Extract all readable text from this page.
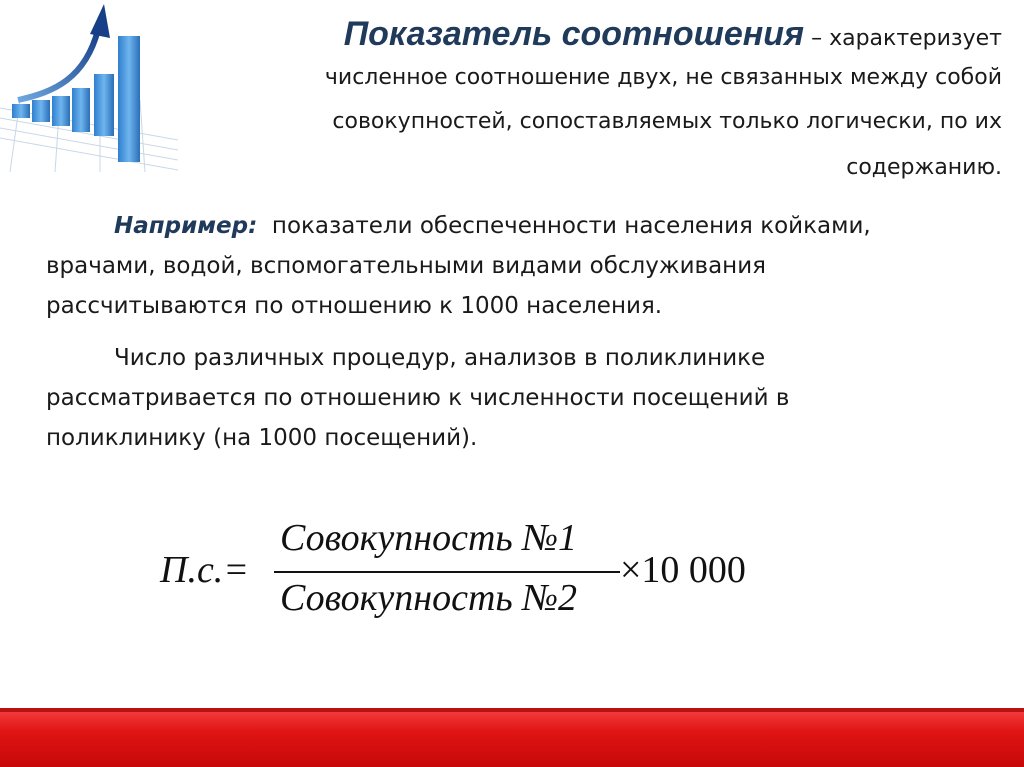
Показатель соотношения – характеризует
численное соотношение двух, не связанных между собой
совокупностей, сопоставляемых только логически, по их
содержанию.
Например:  показатели обеспеченности населения койками,
врачами, водой, вспомогательными видами обслуживания
рассчитываются по отношению к 1000 населения.
Число различных процедур, анализов в поликлинике
рассматривается по отношению к численности посещений в
поликлинику (на 1000 посещений).
П.с.=
Совокупность №1
Совокупность №2
×10 000
